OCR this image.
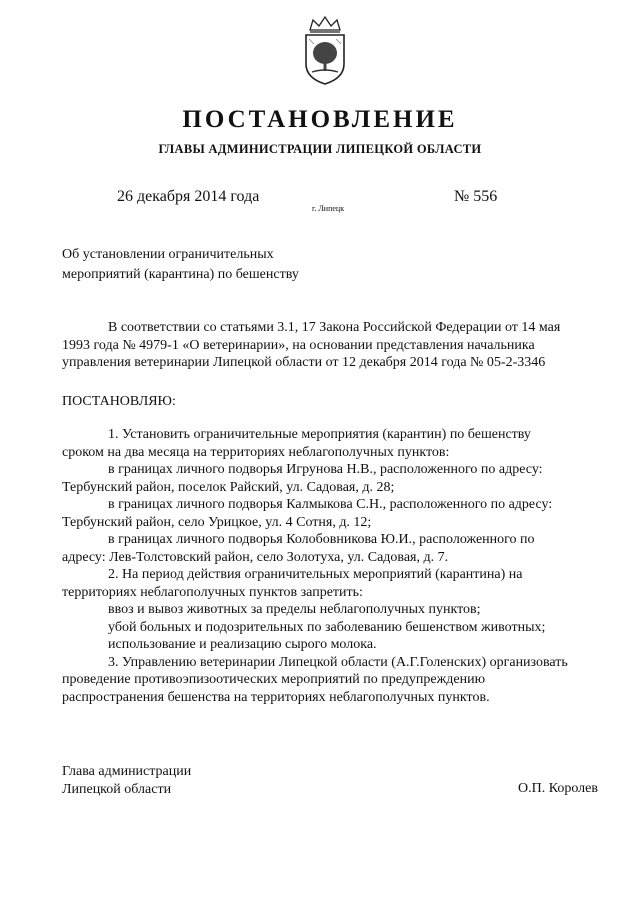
ПОСТАНОВЛЕНИЕ
ГЛАВЫ АДМИНИСТРАЦИИ ЛИПЕЦКОЙ ОБЛАСТИ
26 декабря 2014 года
г. Липецк
№ 556
Об установлении ограничительных
мероприятий (карантина) по бешенству

В соответствии со статьями 3.1, 17 Закона Российской Федерации от 14 мая

1993 года № 4979-1 «О ветеринарии», на основании представления начальника

управления ветеринарии Липецкой области от 12 декабря 2014 года № 05-2-3346

ПОСТАНОВЛЯЮ:

1. Установить ограничительные мероприятия (карантин) по бешенству

сроком на два месяца на территориях неблагополучных пунктов:

в границах личного подворья Игрунова Н.В., расположенного по адресу:

Тербунский район, поселок Райский, ул. Садовая, д. 28;

в границах личного подворья Калмыкова С.Н., расположенного по адресу:

Тербунский район, село Урицкое, ул. 4 Сотня, д. 12;

в границах личного подворья Колобовникова Ю.И., расположенного по

адресу: Лев-Толстовский район, село Золотуха, ул. Садовая, д. 7.

2. На период действия ограничительных мероприятий (карантина) на

территориях неблагополучных пунктов запретить:

ввоз и вывоз животных за пределы неблагополучных пунктов;

убой больных и подозрительных по заболеванию бешенством животных;

использование и реализацию сырого молока.

3. Управлению ветеринарии Липецкой области (А.Г.Голенских) организовать

проведение противоэпизоотических мероприятий по предупреждению

распространения бешенства на территориях неблагополучных пунктов.

Глава администрации
Липецкой области	О.П. Королев
